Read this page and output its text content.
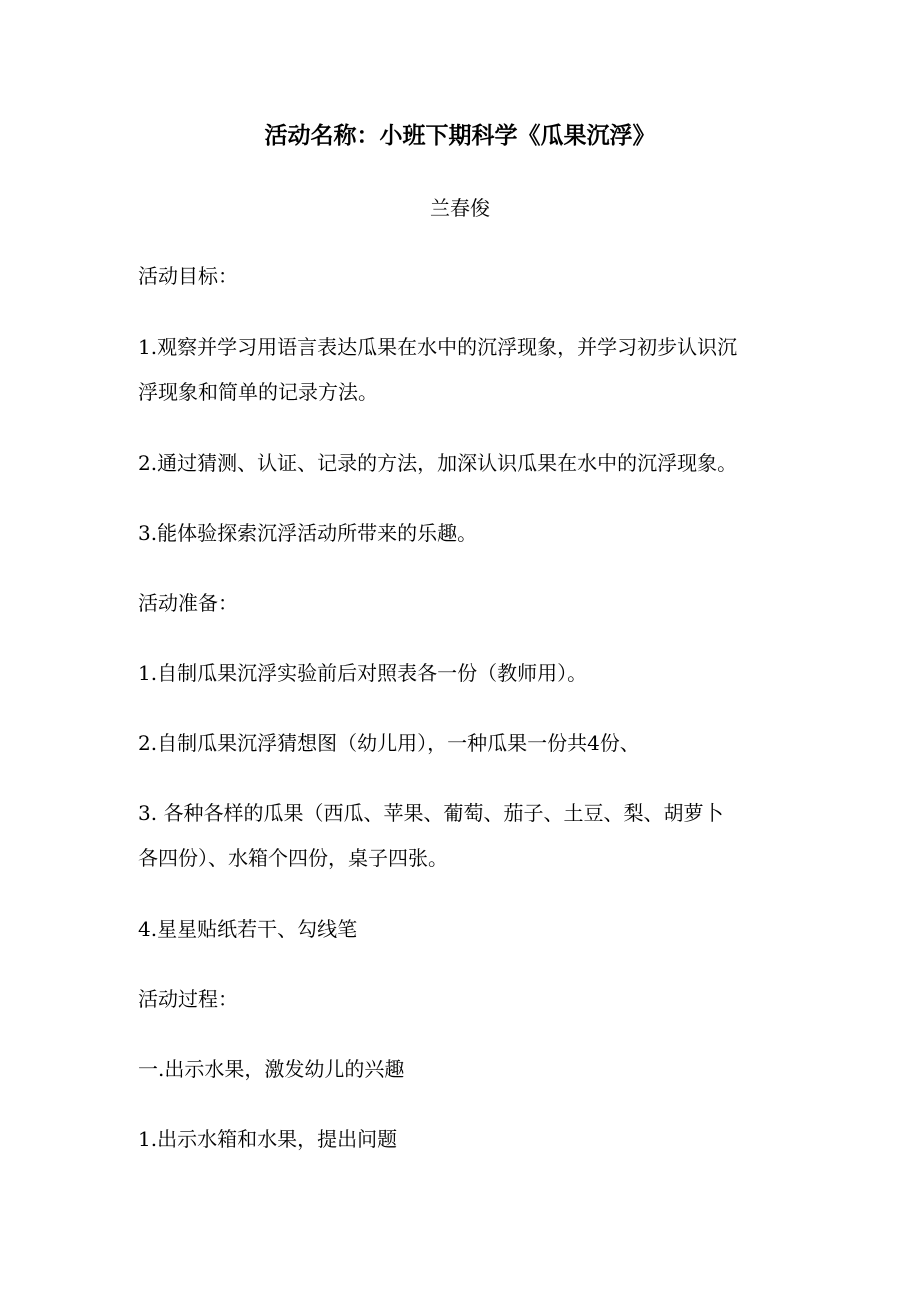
活动名称：小班下期科学《瓜果沉浮》
兰春俊
活动目标：
1.观察并学习用语言表达瓜果在水中的沉浮现象，并学习初步认识沉
浮现象和简单的记录方法。
2.通过猜测、认证、记录的方法，加深认识瓜果在水中的沉浮现象。
3.能体验探索沉浮活动所带来的乐趣。
活动准备：
1.自制瓜果沉浮实验前后对照表各一份（教师用）。
2.自制瓜果沉浮猜想图（幼儿用），一种瓜果一份共4份、
3. 各种各样的瓜果（西瓜、苹果、葡萄、茄子、土豆、梨、胡萝卜
各四份）、水箱个四份，桌子四张。
4.星星贴纸若干、勾线笔
活动过程：
一.出示水果，激发幼儿的兴趣
1.出示水箱和水果，提出问题
